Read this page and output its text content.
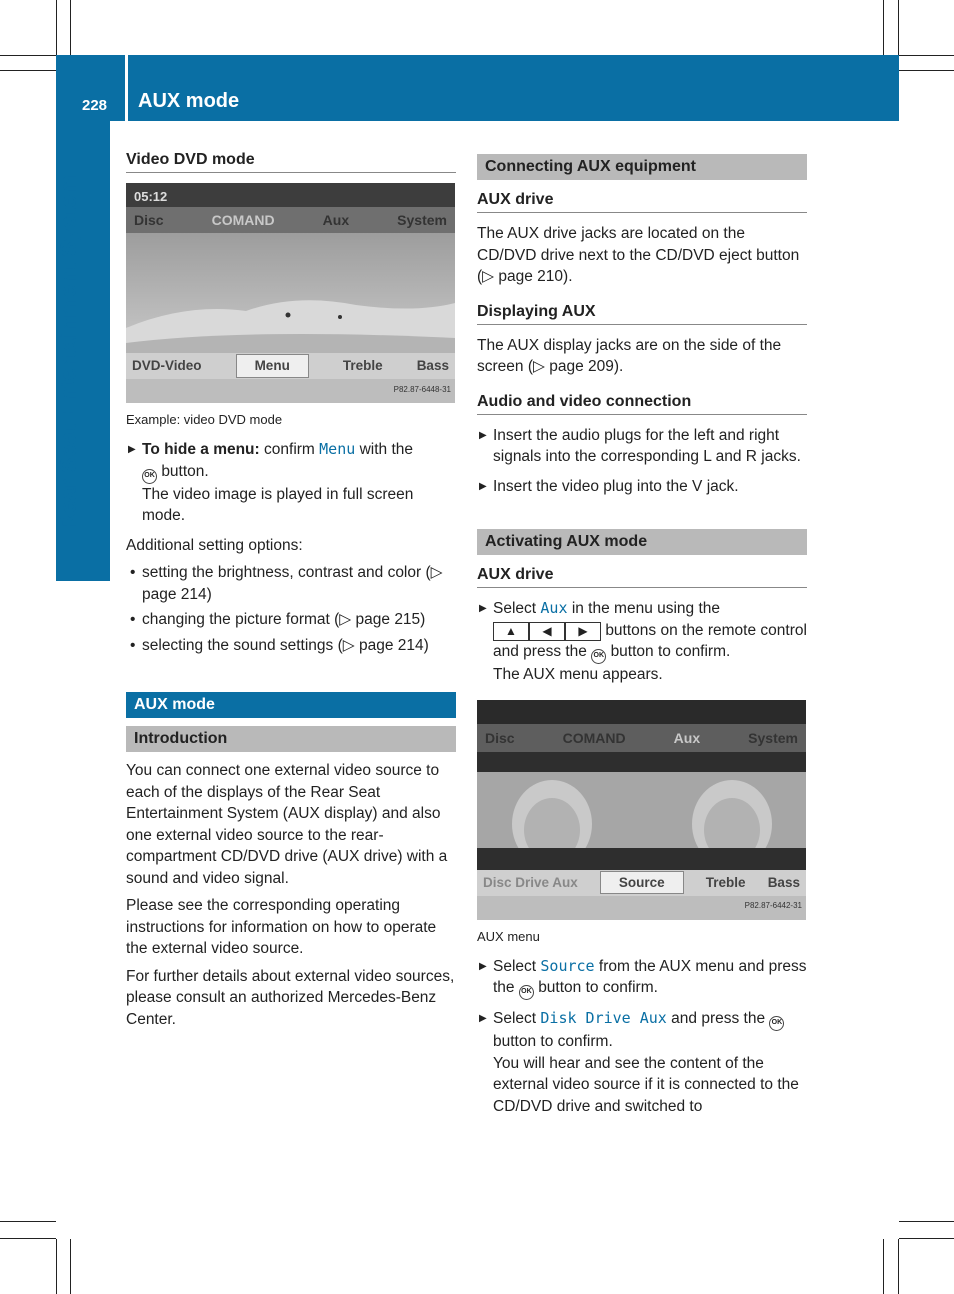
228 AUX mode
Rear Seat Entertainment System
Video DVD mode
05:12
Disc	COMAND	Aux	System
DVD-Video	Menu	Treble	Bass
P82.87-6448-31
Example: video DVD mode
▶ To hide a menu: confirm Menu with the
OK button.
The video image is played in full screen mode.

Additional setting options:

• setting the brightness, contrast and color (▷ page 214)
• changing the picture format (▷ page 215)
• selecting the sound settings (▷ page 214)
AUX mode
Introduction

You can connect one external video source to each of the displays of the Rear Seat Entertainment System (AUX display) and also one external video source to the rear-compartment CD/DVD drive (AUX drive) with a sound and video signal.

Please see the corresponding operating instructions for information on how to operate the external video source.

For further details about external video sources, please consult an authorized Mercedes-Benz Center.

Connecting AUX equipment
AUX drive

The AUX drive jacks are located on the CD/DVD drive next to the CD/DVD eject button (▷ page 210).

Displaying AUX

The AUX display jacks are on the side of the screen (▷ page 209).

Audio and video connection
▶ Insert the audio plugs for the left and right signals into the corresponding L and R jacks.
▶ Insert the video plug into the V jack.
Activating AUX mode
AUX drive
▶ Select Aux in the menu using the
▲ ◀ ▶ buttons on the remote control and press the OK button to confirm.
The AUX menu appears.
Disc	COMAND	Aux	System
Disc Drive Aux	Source	Treble Bass
P82.87-6442-31
AUX menu
▶ Select Source from the AUX menu and press the OK button to confirm.
▶ Select Disk Drive Aux and press the OK button to confirm.
You will hear and see the content of the external video source if it is connected to the CD/DVD drive and switched to
